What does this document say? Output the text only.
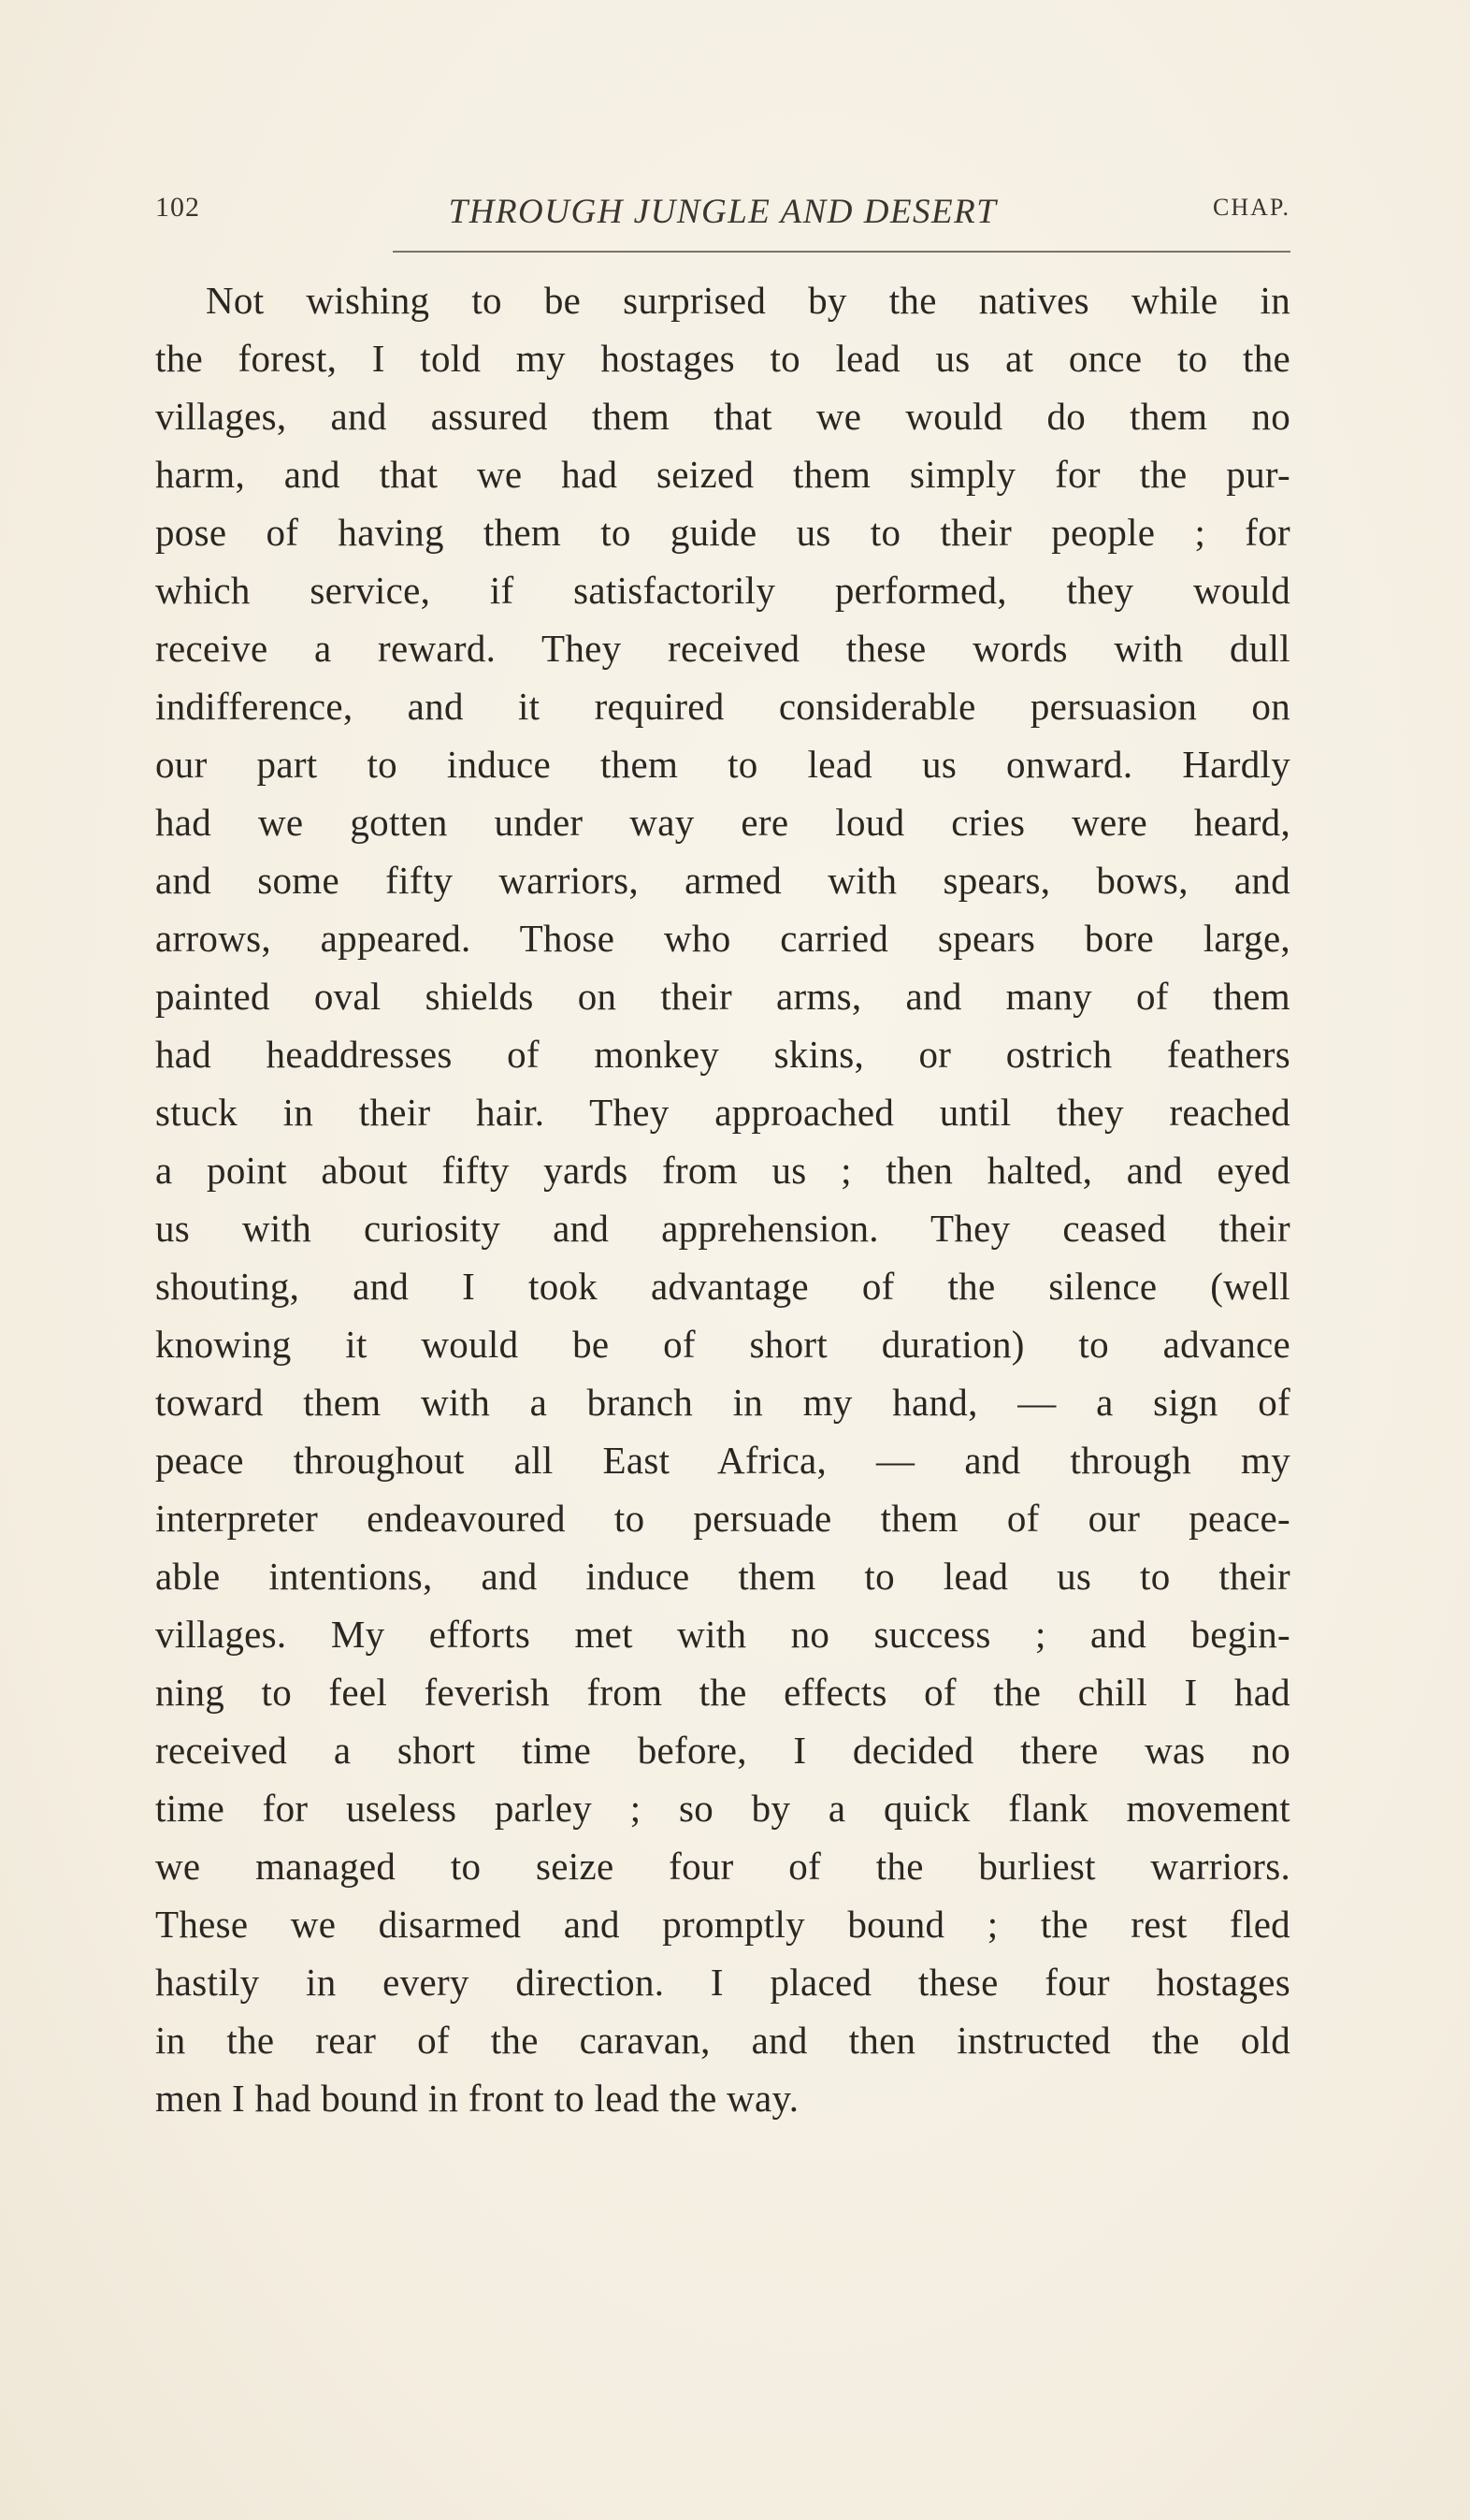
102	THROUGH JUNGLE AND DESERT	CHAP.
Not wishing to be surprised by the natives while in
the forest, I told my hostages to lead us at once to the
villages, and assured them that we would do them no
harm, and that we had seized them simply for the pur-
pose of having them to guide us to their people ; for
which service, if satisfactorily performed, they would
receive a reward. They received these words with dull
indifference, and it required considerable persuasion on
our part to induce them to lead us onward. Hardly
had we gotten under way ere loud cries were heard,
and some fifty warriors, armed with spears, bows, and
arrows, appeared. Those who carried spears bore large,
painted oval shields on their arms, and many of them
had headdresses of monkey skins, or ostrich feathers
stuck in their hair. They approached until they reached
a point about fifty yards from us ; then halted, and eyed
us with curiosity and apprehension. They ceased their
shouting, and I took advantage of the silence (well
knowing it would be of short duration) to advance
toward them with a branch in my hand, — a sign of
peace throughout all East Africa, — and through my
interpreter endeavoured to persuade them of our peace-
able intentions, and induce them to lead us to their
villages. My efforts met with no success ; and begin-
ning to feel feverish from the effects of the chill I had
received a short time before, I decided there was no
time for useless parley ; so by a quick flank movement
we managed to seize four of the burliest warriors.
These we disarmed and promptly bound ; the rest fled
hastily in every direction. I placed these four hostages
in the rear of the caravan, and then instructed the old
men I had bound in front to lead the way.
